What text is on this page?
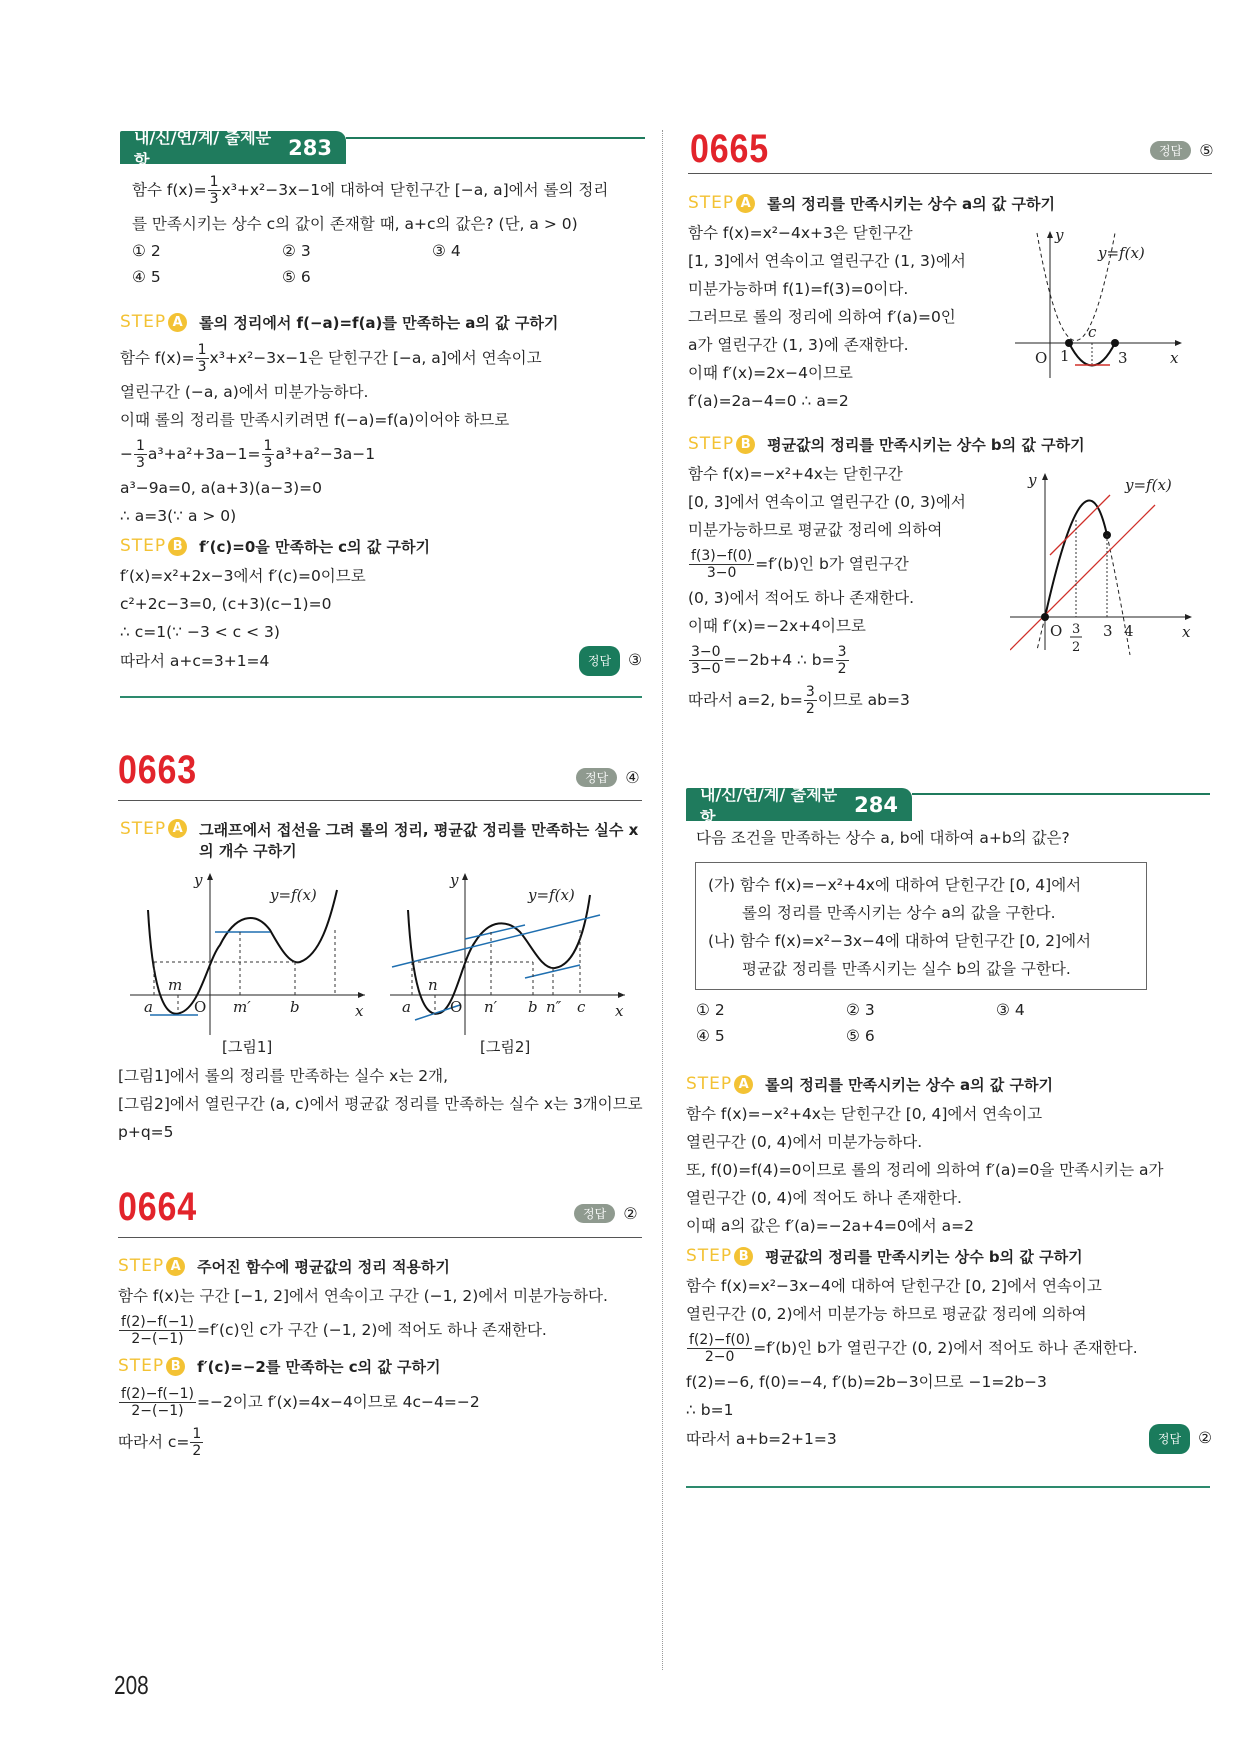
내/신/연/계/ 출제문항
283
함수 $f(x)= \frac{1}{3} x^3+x^2-3x-1$에 대하여 닫힌구간 [−a, a]에서 롤의 정리
를 만족시키는 상수 c의 값이 존재할 때, a+c의 값은? (단, a > 0)
① 2	② 3	③ 4
④ 5	⑤ 6
STEP A 롤의 정리에서 f(−a)=f(a)를 만족하는 a의 값 구하기
함수 $f(x)= \frac{1}{3} x^3+x^2-3x-1$은 닫힌구간 [−a, a]에서 연속이고
열린구간 (−a, a)에서 미분가능하다.
이때 롤의 정리를 만족시키려면 f(−a)=f(a)이어야 하므로
− $\frac{1}{3} a^3+a^2+3a-1= \frac{1}{3} a^3+a^2-3a-1$
a³−9a=0, a(a+3)(a−3)=0
∴ a=3(∵ a > 0)
STEP B	f′(c)=0을 만족하는 c의 값 구하기
f′(x)=x²+2x−3에서 f′(c)=0이므로
c²+2c−3=0, (c+3)(c−1)=0
∴ c=1(∵ −3 < c < 3)
따라서 a+c=3+1=4	정답 ③
0663	정답	④
STEP A 그래프에서 접선을 그려 롤의 정리, 평균값 정리를 만족하는 실수 x의 개수 구하기
y
x
O
y=f(x)
a
m
m′	b
[그림1]
y
x
O
y=f(x)
a
n
n′ b n″ c
[그림2]
[그림1]에서 롤의 정리를 만족하는 실수 x는 2개,
[그림2]에서 열린구간 (a, c)에서 평균값 정리를 만족하는 실수 x는 3개이므로
p+q=5
0664	정답	②
STEP A 주어진 함수에 평균값의 정리 적용하기
함수 f(x)는 구간 [−1, 2]에서 연속이고 구간 (−1, 2)에서 미분가능하다.
$\frac{f(2)-f(-1)}{2-(-1)} =f'(c)$인 c가 구간 (−1, 2)에 적어도 하나 존재한다.
STEP B	f′(c)=−2를 만족하는 c의 값 구하기
$\frac{f(2)-f(-1)}{2-(-1)} =-2$이고 f′(x)=4x−4이므로 4c−4=−2
따라서 $c= \frac{1}{2}$
208
0665	정답	⑤
STEP A 롤의 정리를 만족시키는 상수 a의 값 구하기
함수 f(x)=x²−4x+3은 닫힌구간
[1, 3]에서 연속이고 열린구간 (1, 3)에서
미분가능하며 f(1)=f(3)=0이다.
그러므로 롤의 정리에 의하여 f′(a)=0인
a가 열린구간 (1, 3)에 존재한다.
이때 f′(x)=2x−4이므로
f′(a)=2a−4=0 ∴ a=2
y
x
O 1	3
c
y=f(x)
STEP B	평균값의 정리를 만족시키는 상수 b의 값 구하기
함수 f(x)=−x²+4x는 닫힌구간
[0, 3]에서 연속이고 열린구간 (0, 3)에서
미분가능하므로 평균값 정리에 의하여
$\frac{f(3)-f(0)}{3-0} =f'(b)$인 b가 열린구간
(0, 3)에서 적어도 하나 존재한다.
이때 f′(x)=−2x+4이므로
$\frac{3-0}{3-0} =-2b+4$ ∴ $b= \frac{3}{2}$
따라서 a=2, $b= \frac{3}{2}$ 이므로 ab=3
y
x
O 3
2
3 4
y=f(x)
내/신/연/계/ 출제문항
284
다음 조건을 만족하는 상수 a, b에 대하여 a+b의 값은?
(가) 함수 f(x)=−x²+4x에 대하여 닫힌구간 [0, 4]에서
롤의 정리를 만족시키는 상수 a의 값을 구한다.
(나) 함수 f(x)=x²−3x−4에 대하여 닫힌구간 [0, 2]에서
평균값 정리를 만족시키는 실수 b의 값을 구한다.
① 2	② 3	③ 4
④ 5	⑤ 6
STEP A 롤의 정리를 만족시키는 상수 a의 값 구하기
함수 f(x)=−x²+4x는 닫힌구간 [0, 4]에서 연속이고
열린구간 (0, 4)에서 미분가능하다.
또, f(0)=f(4)=0이므로 롤의 정리에 의하여 f′(a)=0을 만족시키는 a가
열린구간 (0, 4)에 적어도 하나 존재한다.
이때 a의 값은 f′(a)=−2a+4=0에서 a=2
STEP B	평균값의 정리를 만족시키는 상수 b의 값 구하기
함수 f(x)=x²−3x−4에 대하여 닫힌구간 [0, 2]에서 연속이고
열린구간 (0, 2)에서 미분가능 하므로 평균값 정리에 의하여
$\frac{f(2)-f(0)}{2-0} =f'(b)$인 b가 열린구간 (0, 2)에서 적어도 하나 존재한다.
f(2)=−6, f(0)=−4, f′(b)=2b−3이므로 −1=2b−3
∴ b=1
따라서 a+b=2+1=3	정답 ②
